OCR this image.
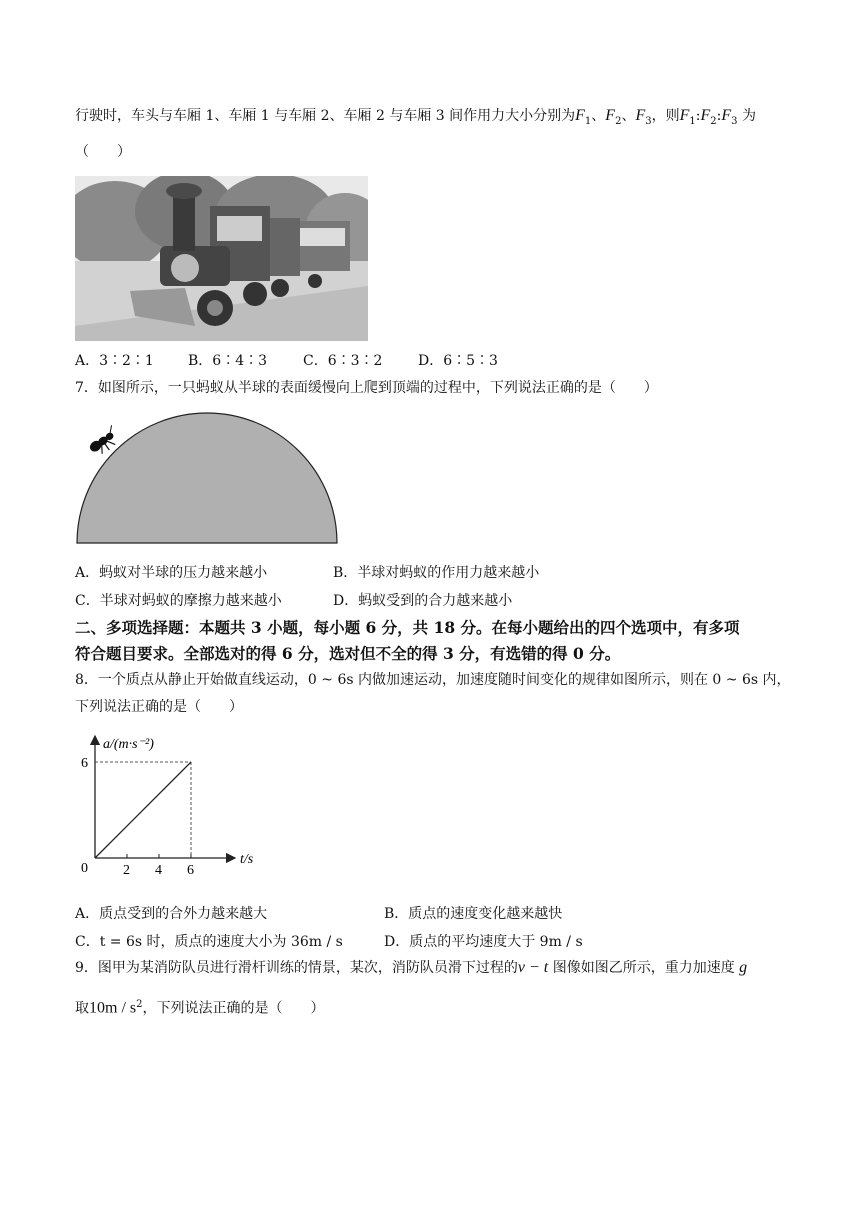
行驶时，车头与车厢 1、车厢 1 与车厢 2、车厢 2 与车厢 3 间作用力大小分别为$F_1$、$F_2$、$F_3$，则$F_1:F_2:F_3$ 为
（　　）
A．3∶2∶1 B．6∶4∶3	C．6∶3∶2	D．6∶5∶3
7．如图所示，一只蚂蚁从半球的表面缓慢向上爬到顶端的过程中，下列说法正确的是（　　）
A．蚂蚁对半球的压力越来越小	B．半球对蚂蚁的作用力越来越小
C．半球对蚂蚁的摩擦力越来越小	D．蚂蚁受到的合力越来越小
二、多项选择题：本题共 3 小题，每小题 6 分，共 18 分。在每小题给出的四个选项中，有多项
符合题目要求。全部选对的得 6 分，选对但不全的得 3 分，有选错的得 0 分。
8．一个质点从静止开始做直线运动，0 ~ 6s 内做加速运动，加速度随时间变化的规律如图所示，则在 0 ~ 6s 内，
下列说法正确的是（　　）
a/(m·s⁻²)
t/s
0	2 4 6
6
A．质点受到的合外力越来越大	B．质点的速度变化越来越快
C．t = 6s 时，质点的速度大小为 36m / s	D．质点的平均速度大于 9m / s
9．图甲为某消防队员进行滑杆训练的情景，某次，消防队员滑下过程的v − t 图像如图乙所示，重力加速度 g
取$10m / s^2$，下列说法正确的是（　　）
